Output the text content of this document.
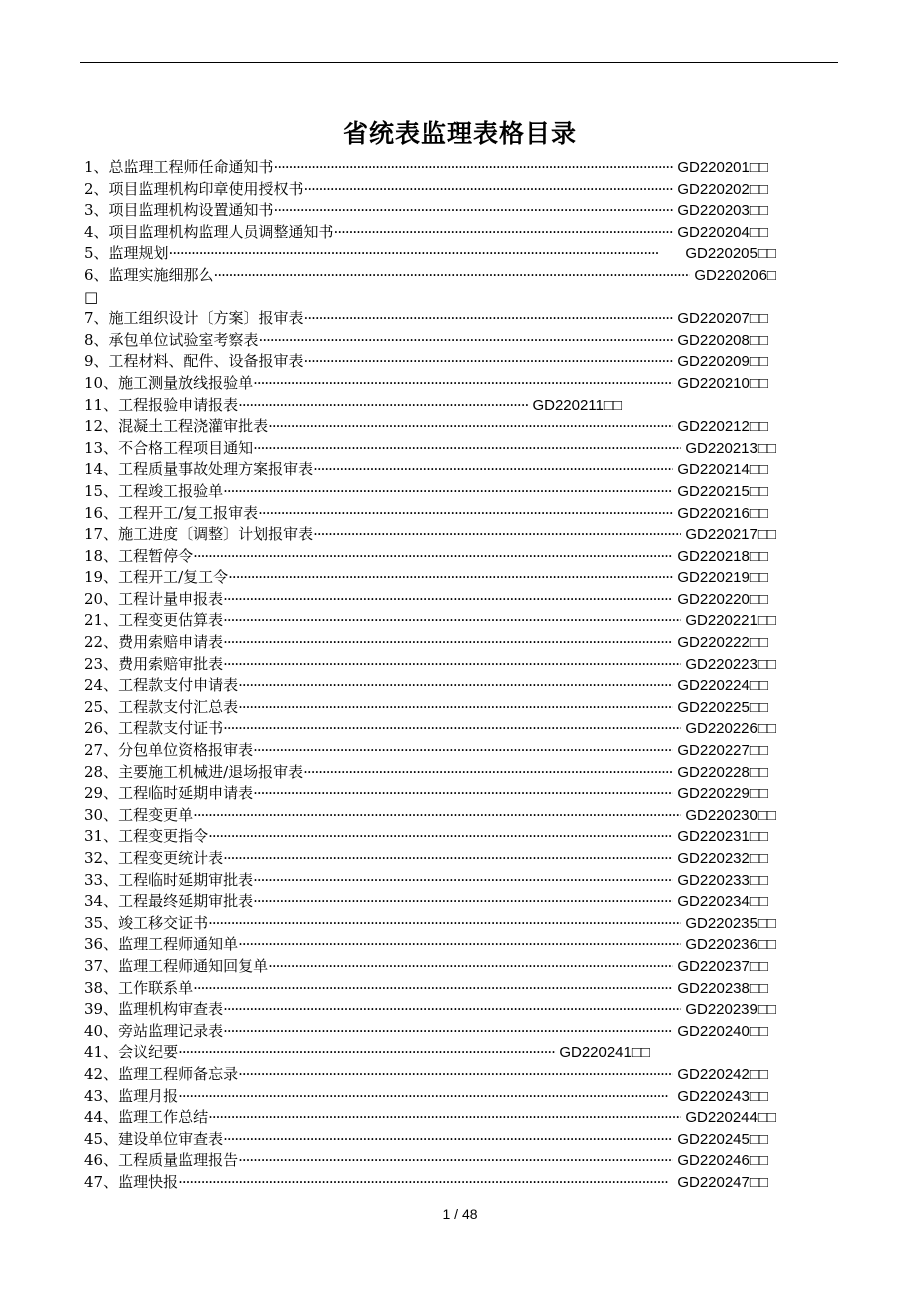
省统表监理表格目录
1、总监理工程师任命通知书 ·····	GD220201□□
2、项目监理机构印章使用授权书 ·····	GD220202□□
3、项目监理机构设置通知书 ·····	GD220203□□
4、项目监理机构监理人员调整通知书 ·····	GD220204□□
5、监理规划 ·····	GD220205□□
6、监理实施细那么 ·····	GD220206□
□
7、施工组织设计〔方案〕报审表 ·····	GD220207□□
8、承包单位试验室考察表 ·····	GD220208□□
9、工程材料、配件、设备报审表 ·····	GD220209□□
10、施工测量放线报验单 ·····	GD220210□□
11、工程报验申请报表 ·····	GD220211□□
12、混凝土工程浇灌审批表 ·····	GD220212□□
13、不合格工程项目通知 ·····	GD220213□□
14、工程质量事故处理方案报审表 ·····	GD220214□□
15、工程竣工报验单 ·····	GD220215□□
16、工程开工/复工报审表 ·····	GD220216□□
17、施工进度〔调整〕计划报审表 ·····	GD220217□□
18、工程暂停令 ·····	GD220218□□
19、工程开工/复工令 ·····	GD220219□□
20、工程计量申报表 ·····	GD220220□□
21、工程变更估算表 ·····	GD220221□□
22、费用索赔申请表 ·····	GD220222□□
23、费用索赔审批表 ·····	GD220223□□
24、工程款支付申请表 ·····	GD220224□□
25、工程款支付汇总表 ·····	GD220225□□
26、工程款支付证书 ·····	GD220226□□
27、分包单位资格报审表 ·····	GD220227□□
28、主要施工机械进/退场报审表 ·····	GD220228□□
29、工程临时延期申请表 ·····	GD220229□□
30、工程变更单 ·····	GD220230□□
31、工程变更指令 ·····	GD220231□□
32、工程变更统计表 ·····	GD220232□□
33、工程临时延期审批表 ·····	GD220233□□
34、工程最终延期审批表 ·····	GD220234□□
35、竣工移交证书 ·····	GD220235□□
36、监理工程师通知单 ·····	GD220236□□
37、监理工程师通知回复单 ·····	GD220237□□
38、工作联系单 ·····	GD220238□□
39、监理机构审查表 ·····	GD220239□□
40、旁站监理记录表 ·····	GD220240□□
41、会议纪要 ·····	GD220241□□
42、监理工程师备忘录 ·····	GD220242□□
43、监理月报 ·····	GD220243□□
44、监理工作总结 ·····	GD220244□□
45、建设单位审查表 ·····	GD220245□□
46、工程质量监理报告 ·····	GD220246□□
47、监理快报 ·····	GD220247□□
1 / 48
